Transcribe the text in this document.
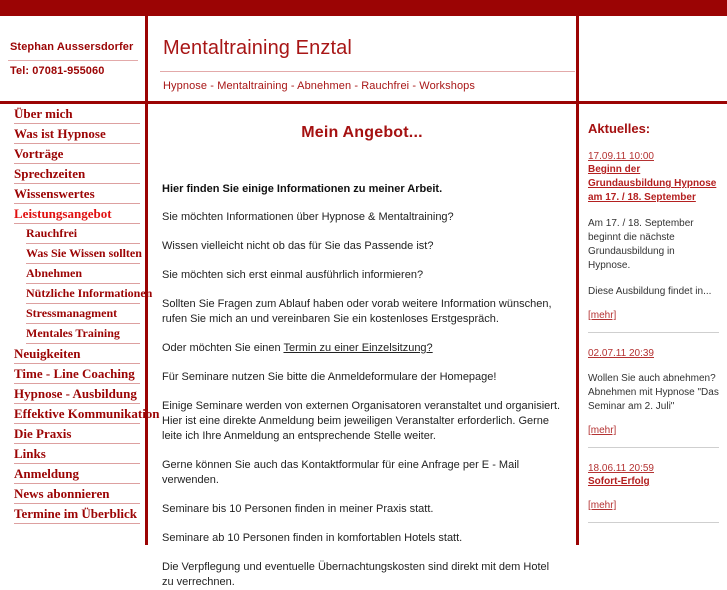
Stephan Aussersdorfer
Tel: 07081-955060
Mentaltraining Enztal
Hypnose - Mentaltraining - Abnehmen - Rauchfrei - Workshops
Über mich
Was ist Hypnose
Vorträge
Sprechzeiten
Wissenswertes
Leistungsangebot
Rauchfrei
Was Sie Wissen sollten
Abnehmen
Nützliche Informationen
Stressmanagment
Mentales Training
Neuigkeiten
Time - Line Coaching
Hypnose - Ausbildung
Effektive Kommunikation
Die Praxis
Links
Anmeldung
News abonnieren
Termine im Überblick
Mein Angebot...

Hier finden Sie einige Informationen zu meiner Arbeit.

Sie möchten Informationen über Hypnose & Mentaltraining?

Wissen vielleicht nicht ob das für Sie das Passende ist?

Sie möchten sich erst einmal ausführlich informieren?

Sollten Sie Fragen zum Ablauf haben oder vorab weitere Information wünschen, rufen Sie mich an und vereinbaren Sie ein kostenloses Erstgespräch.

Oder möchten Sie einen Termin zu einer Einzelsitzung?

Für Seminare nutzen Sie bitte die Anmeldeformulare der Homepage!

Einige Seminare werden von externen Organisatoren veranstaltet und organisiert. Hier ist eine direkte Anmeldung beim jeweiligen Veranstalter erforderlich. Gerne leite ich Ihre Anmeldung an entsprechende Stelle weiter.

Gerne können Sie auch das Kontaktformular für eine Anfrage per E - Mail verwenden.

Seminare bis 10 Personen finden in meiner Praxis statt.

Seminare ab 10 Personen finden in komfortablen Hotels statt.

Die Verpflegung und eventuelle Übernachtungskosten sind direkt mit dem Hotel zu verrechnen.

Aktuelles:
17.09.11 10:00
Beginn der Grundausbildung Hypnose am 17. / 18. September

Am 17. / 18. September beginnt die nächste Grundausbildung in Hypnose.

Diese Ausbildung findet in...

[mehr]
02.07.11 20:39

Wollen Sie auch abnehmen? Abnehmen mit Hypnose "Das Seminar am 2. Juli"

[mehr]
18.06.11 20:59
Sofort-Erfolg
[mehr]
